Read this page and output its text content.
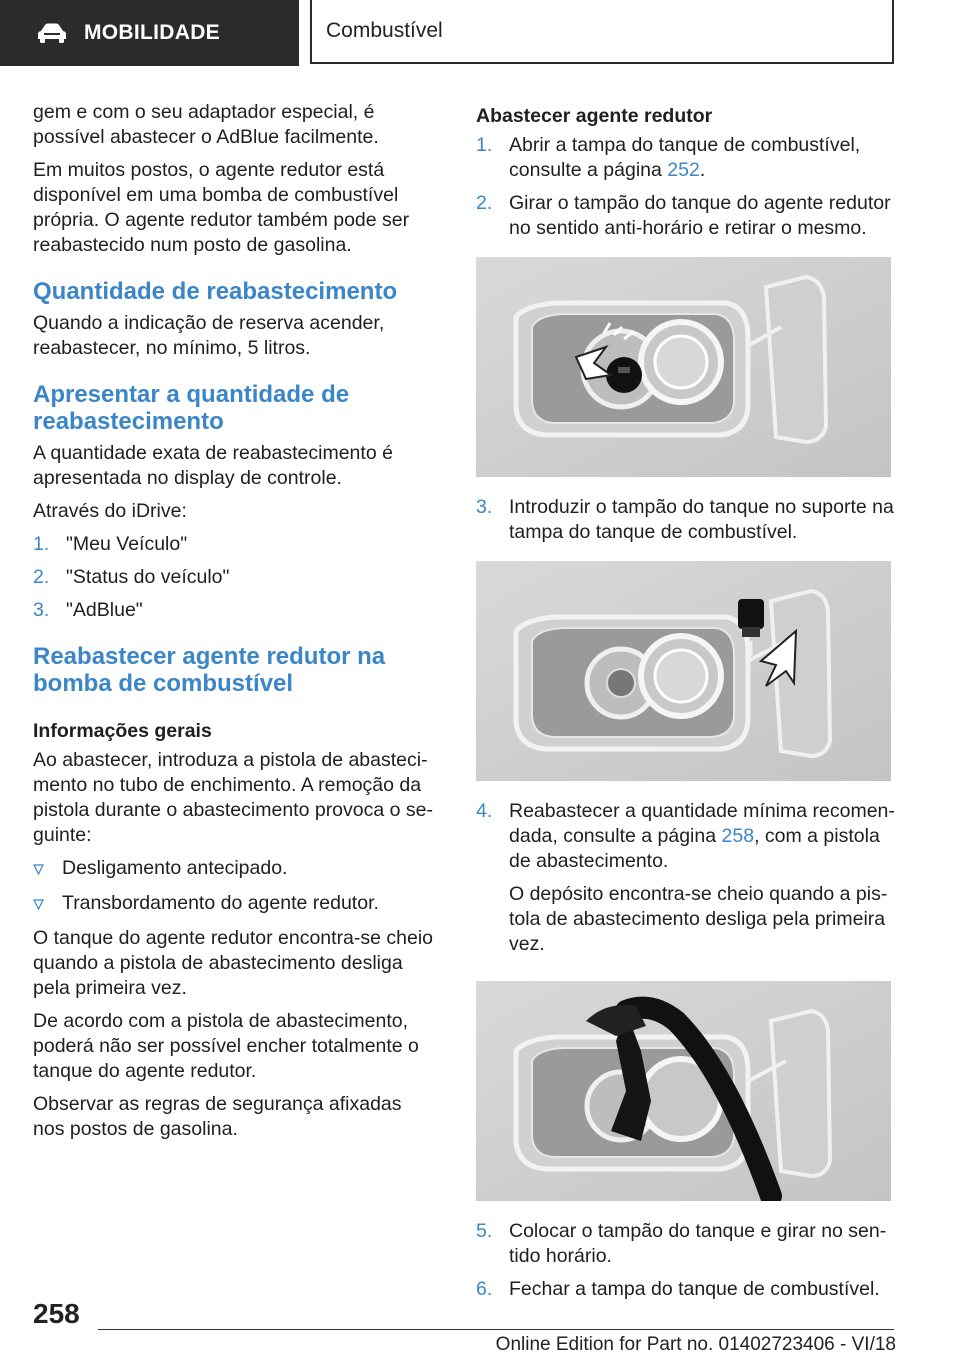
MOBILIDADE	Combustível

gem e com o seu adaptador especial, é possível abastecer o AdBlue facilmente.

Em muitos postos, o agente redutor está disponível em uma bomba de combustível própria. O agente redutor também pode ser reabastecido num posto de gasolina.

Quantidade de reabastecimento

Quando a indicação de reserva acender, reabastecer, no mínimo, 5 litros.

Apresentar a quantidade de reabastecimento

A quantidade exata de reabastecimento é apresentada no display de controle.

Através do iDrive:

1. "Meu Veículo"
2. "Status do veículo"
3. "AdBlue"
Reabastecer agente redutor na bomba de combustível
Informações gerais

Ao abastecer, introduza a pistola de abastecimento no tubo de enchimento. A remoção da pistola durante o abastecimento provoca o seguinte:

Desligamento antecipado.
Transbordamento do agente redutor.

O tanque do agente redutor encontra-se cheio quando a pistola de abastecimento desliga pela primeira vez.

De acordo com a pistola de abastecimento, poderá não ser possível encher totalmente o tanque do agente redutor.

Observar as regras de segurança afixadas nos postos de gasolina.

Abastecer agente redutor
1. Abrir a tampa do tanque de combustível, consulte a página 252.
2. Girar o tampão do tanque do agente redutor no sentido anti-horário e retirar o mesmo.
3. Introduzir o tampão do tanque no suporte na tampa do tanque de combustível.
4. Reabastecer a quantidade mínima recomendada, consulte a página 258, com a pistola de abastecimento.

O depósito encontra-se cheio quando a pistola de abastecimento desliga pela primeira vez.

5. Colocar o tampão do tanque e girar no sentido horário.
6. Fechar a tampa do tanque de combustível.
258
Online Edition for Part no. 01402723406 - VI/18
